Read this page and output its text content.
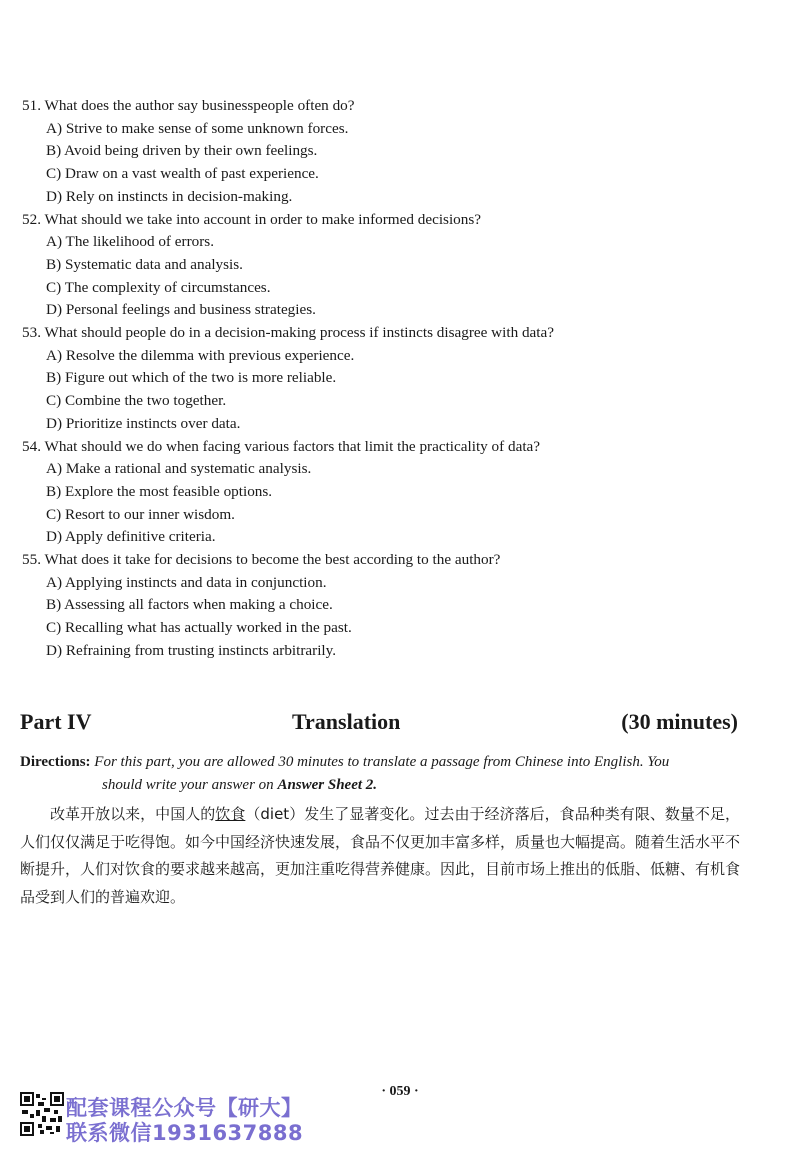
51. What does the author say businesspeople often do?
A) Strive to make sense of some unknown forces.
B) Avoid being driven by their own feelings.
C) Draw on a vast wealth of past experience.
D) Rely on instincts in decision-making.
52. What should we take into account in order to make informed decisions?
A) The likelihood of errors.
B) Systematic data and analysis.
C) The complexity of circumstances.
D) Personal feelings and business strategies.
53. What should people do in a decision-making process if instincts disagree with data?
A) Resolve the dilemma with previous experience.
B) Figure out which of the two is more reliable.
C) Combine the two together.
D) Prioritize instincts over data.
54. What should we do when facing various factors that limit the practicality of data?
A) Make a rational and systematic analysis.
B) Explore the most feasible options.
C) Resort to our inner wisdom.
D) Apply definitive criteria.
55. What does it take for decisions to become the best according to the author?
A) Applying instincts and data in conjunction.
B) Assessing all factors when making a choice.
C) Recalling what has actually worked in the past.
D) Refraining from trusting instincts arbitrarily.
Part IV	Translation	(30 minutes)
Directions: For this part, you are allowed 30 minutes to translate a passage from Chinese into English. You
should write your answer on Answer Sheet 2.
改革开放以来，中国人的饮食（diet）发生了显著变化。过去由于经济落后，食品种类有限、数量不足，人们仅仅满足于吃得饱。如今中国经济快速发展，食品不仅更加丰富多样，质量也大幅提高。随着生活水平不断提升，人们对饮食的要求越来越高，更加注重吃得营养健康。因此，目前市场上推出的低脂、低糖、有机食品受到人们的普遍欢迎。
· 059 ·
配套课程公众号【研大】
联系微信1931637888
